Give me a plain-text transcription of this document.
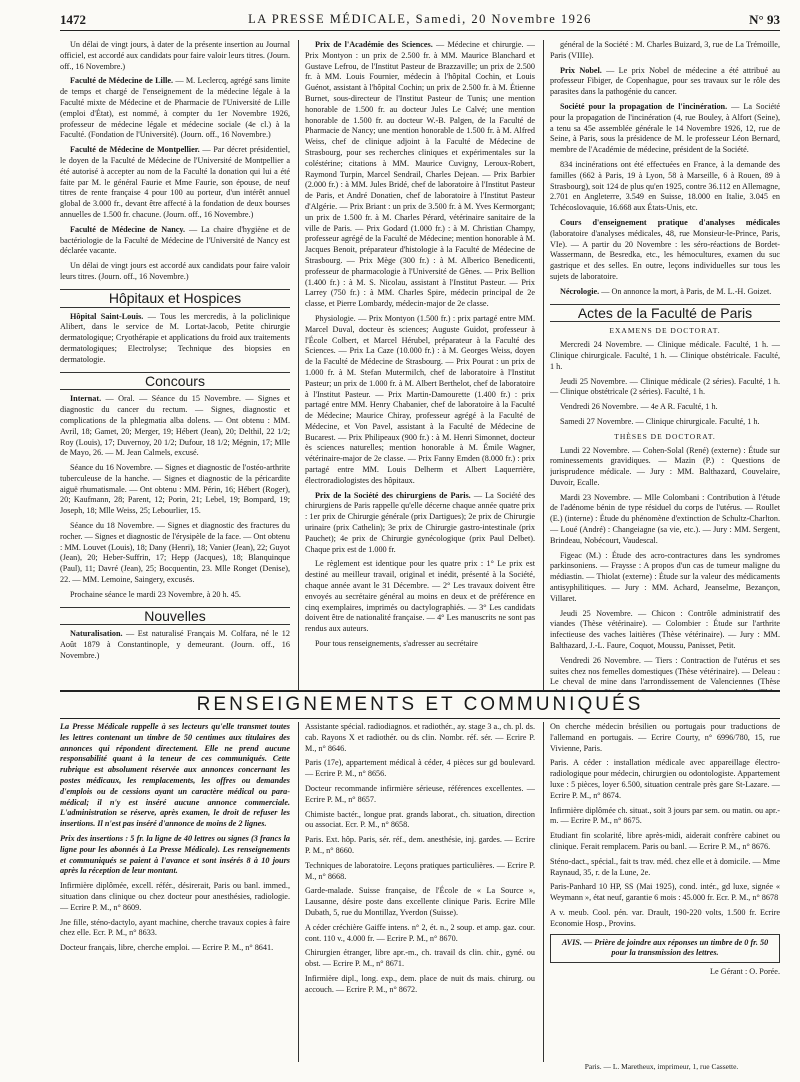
1472	LA PRESSE MÉDICALE, Samedi, 20 Novembre 1926	N° 93

Un délai de vingt jours, à dater de la présente insertion au Journal officiel, est accordé aux candidats pour faire valoir leurs titres. (Journ. off., 16 Novembre.)

Faculté de Médecine de Lille. — M. Leclercq, agrégé sans limite de temps et chargé de l'enseignement de la médecine légale à la Faculté mixte de Médecine et de Pharmacie de l'Université de Lille (emploi d'État), est nommé, à compter du 1er Novembre 1926, professeur de médecine légale et médecine sociale (4e cl.) à la Faculté. (Fondation de l'Université). (Journ. off., 16 Novembre.)

Faculté de Médecine de Montpellier. — Par décret présidentiel, le doyen de la Faculté de Médecine de l'Université de Montpellier a été autorisé à accepter au nom de la Faculté la donation qui lui a été faite par M. le général Faurie et Mme Faurie, son épouse, de neuf titres de rente française 4 pour 100 au porteur, d'un intérêt annuel global de 3.000 fr., devant être affecté à la fondation de deux bourses annuelles de 1.500 fr. chacune. (Journ. off., 16 Novembre.)

Faculté de Médecine de Nancy. — La chaire d'hygiène et de bactériologie de la Faculté de Médecine de l'Université de Nancy est déclarée vacante.

Un délai de vingt jours est accordé aux candidats pour faire valoir leurs titres. (Journ. off., 16 Novembre.)

Hôpitaux et Hospices

Hôpital Saint-Louis. — Tous les mercredis, à la policlinique Alibert, dans le service de M. Lortat-Jacob, Petite chirurgie dermatologique; Cryothérapie et applications du froid aux traitements dermatologiques; Electrolyse; Technique des biopsies en dermatologie.

Concours

Internat. — Oral. — Séance du 15 Novembre. — Signes et diagnostic du cancer du rectum. — Signes, diagnostic et complications de la phlegmatia alba dolens. — Ont obtenu : MM. Avril, 18; Gamet, 20; Merger, 19; Hébert (Jean), 20; Delthil, 22 1/2; Roy (Louis), 17; Duvernoy, 20 1/2; Dufour, 18 1/2; Mégnin, 17; Mlle de Mayo, 26. — M. Jean Calmels, excusé.

Séance du 16 Novembre. — Signes et diagnostic de l'ostéo-arthrite tuberculeuse de la hanche. — Signes et diagnostic de la péricardite aiguë rhumatismale. — Ont obtenu : MM. Périn, 16; Hébert (Roger), 20; Kaufmann, 28; Parent, 12; Porin, 21; Lebel, 19; Bompard, 19; Joseph, 18; Mlle Weiss, 25; Lebourlier, 15.

Séance du 18 Novembre. — Signes et diagnostic des fractures du rocher. — Signes et diagnostic de l'érysipèle de la face. — Ont obtenu : MM. Louvet (Louis), 18; Dany (Henri), 18; Vanier (Jean), 22; Guyot (Jean), 20; Heber-Suffrin, 17; Hepp (Jacques), 18; Blanquinque (Paul), 11; Davré (Jean), 25; Bocquentin, 23. Mlle Ronget (Denise), 22. — MM. Lemoine, Saingery, excusés.

Prochaine séance le mardi 23 Novembre, à 20 h. 45.

Nouvelles

Naturalisation. — Est naturalisé Français M. Colfara, né le 12 Août 1879 à Constantinople, y demeurant. (Journ. off., 16 Novembre.)

Prix de l'Académie des Sciences. — Médecine et chirurgie. — Prix Montyon : un prix de 2.500 fr. à MM. Maurice Blanchard et Gustave Lefrou, de l'Institut Pasteur de Brazzaville; un prix de 2.500 fr. à MM. Louis Fournier, médecin à l'hôpital Cochin, et Louis Guénot, assistant à l'hôpital Cochin; un prix de 2.500 fr. à M. Étienne Burnet, sous-directeur de l'Institut Pasteur de Tunis; une mention honorable de 1.500 fr. au docteur Jules Le Calvé; une mention honorable de 1.500 fr. au docteur W.-B. Palgen, de la Faculté de Pharmacie de Nancy; une mention honorable de 1.500 fr. à M. Alfred Weiss, chef de clinique adjoint à la Faculté de Médecine de Strasbourg, pour ses recherches cliniques et expérimentales sur la coléstérine; citations à MM. Maurice Cuvigny, Leroux-Robert, Raymond Turpin, Marcel Sendrail, Charles Dejean. — Prix Barbier (2.000 fr.) : à MM. Jules Bridé, chef de laboratoire à l'Institut Pasteur de Paris, et André Donatien, chef de laboratoire à l'Institut Pasteur d'Algérie. — Prix Briant : un prix de 3.500 fr. à M. Yves Kermorgant; un prix de 1.500 fr. à M. Charles Pérard, vétérinaire sanitaire de la ville de Paris. — Prix Godard (1.000 fr.) : à M. Christian Champy, professeur agrégé de la Faculté de Médecine; mention honorable à M. Jacques Benoit, préparateur d'histologie à la Faculté de Médecine de Strasbourg. — Prix Mège (300 fr.) : à M. Alberico Benedicenti, professeur de pharmacologie à l'Université de Gênes. — Prix Bellion (1.400 fr.) : à M. S. Nicolau, assistant à l'Institut Pasteur. — Prix Larrey (750 fr.) : à MM. Charles Spire, médecin principal de 2e classe, et Pierre Lombardy, médecin-major de 2e classe.

Physiologie. — Prix Montyon (1.500 fr.) : prix partagé entre MM. Marcel Duval, docteur ès sciences; Auguste Guidot, professeur à l'École Colbert, et Marcel Hérubel, préparateur à la Faculté des Sciences. — Prix La Caze (10.000 fr.) : à M. Georges Weiss, doyen de la Faculté de Médecine de Strasbourg. — Prix Pourat : un prix de 1.000 fr. à M. Stefan Mutermilch, chef de laboratoire à l'Institut Pasteur; un prix de 1.000 fr. à M. Albert Berthelot, chef de laboratoire à l'Institut Pasteur. — Prix Martin-Damourette (1.400 fr.) : prix partagé entre MM. Henry Chabanier, chef de laboratoire à la Faculté de Médecine; Maurice Chiray, professeur agrégé à la Faculté de Médecine, et Von Pavel, assistant à la Faculté de Médecine de Bucarest. — Prix Philipeaux (900 fr.) : à M. Henri Simonnet, docteur ès sciences naturelles; mention honorable à M. Émile Wagner, vétérinaire-major de 2e classe. — Prix Fanny Emden (8.000 fr.) : prix partagé entre MM. Louis Delherm et Albert Laquerrière, électroradiologistes des hôpitaux.

Prix de la Société des chirurgiens de Paris. — La Société des chirurgiens de Paris rappelle qu'elle décerne chaque année quatre prix : 1er prix de Chirurgie générale (prix Dartigues); 2e prix de Chirurgie urinaire (prix Cathelin); 3e prix de Chirurgie gastro-intestinale (prix Pauchet); 4e prix de Chirurgie gynécologique (prix Paul Delbet). Chaque prix est de 1.000 fr.

Le règlement est identique pour les quatre prix : 1° Le prix est destiné au meilleur travail, original et inédit, présenté à la Société, chaque année avant le 31 Décembre. — 2° Les travaux doivent être envoyés au secrétaire général au moins en deux et de préférence en cinq exemplaires, imprimés ou dactylographiés. — 3° Les candidats doivent être de nationalité française. — 4° Les manuscrits ne sont pas rendus aux auteurs.

Pour tous renseignements, s'adresser au secrétaire

général de la Société : M. Charles Buizard, 3, rue de La Trémoille, Paris (VIIIe).

Prix Nobel. — Le prix Nobel de médecine a été attribué au professeur Fibiger, de Copenhague, pour ses travaux sur le rôle des parasites dans la pathogénie du cancer.

Société pour la propagation de l'incinération. — La Société pour la propagation de l'incinération (4, rue Bouley, à Alfort (Seine), a tenu sa 45e assemblée générale le 14 Novembre 1926, 12, rue de Seine, à Paris, sous la présidence de M. le professeur Léon Bernard, membre de l'Académie de médecine, président de la Société.

834 incinérations ont été effectuées en France, à la demande des familles (662 à Paris, 19 à Lyon, 58 à Marseille, 6 à Rouen, 89 à Strasbourg), soit 124 de plus qu'en 1925, contre 36.112 en Allemagne, 2.701 en Angleterre, 3.549 en Suisse, 18.000 en Italie, 3.045 en Tchécoslovaquie, 16.668 aux États-Unis, etc.

Cours d'enseignement pratique d'analyses médicales (laboratoire d'analyses médicales, 48, rue Monsieur-le-Prince, Paris, VIe). — A partir du 20 Novembre : les séro-réactions de Bordet-Wassermann, de Besredka, etc., les hémocultures, examen du suc gastrique et des selles. En outre, leçons individuelles sur tous les sujets de laboratoire.

Nécrologie. — On annonce la mort, à Paris, de M. L.-H. Goizet.

Actes de la Faculté de Paris
EXAMENS DE DOCTORAT.

Mercredi 24 Novembre. — Clinique médicale. Faculté, 1 h. — Clinique chirurgicale. Faculté, 1 h. — Clinique obstétricale. Faculté, 1 h.

Jeudi 25 Novembre. — Clinique médicale (2 séries). Faculté, 1 h. — Clinique obstétricale (2 séries). Faculté, 1 h.

Vendredi 26 Novembre. — 4e A R. Faculté, 1 h.

Samedi 27 Novembre. — Clinique chirurgicale. Faculté, 1 h.

THÈSES DE DOCTORAT.

Lundi 22 Novembre. — Cohen-Solal (René) (externe) : Étude sur rominessements gravidiques. — Mazin (P.) : Questions de jurisprudence médicale. — Jury : MM. Balthazard, Couvelaire, Duvoir, Ecalle.

Mardi 23 Novembre. — Mlle Colombani : Contribution à l'étude de l'adénome bénin de type résiduel du corps de l'utérus. — Roullet (E.) (interne) : Étude du phénomène d'extinction de Schultz-Charlton. — Loué (André) : Changeiagne (sa vie, etc.). — Jury : MM. Sergent, Brindeau, Nobécourt, Vaudescal.

Figeac (M.) : Étude des acro-contractures dans les syndromes parkinsoniens. — Fraysse : A propos d'un cas de tumeur maligne du médiastin. — Thiolat (externe) : Étude sur la valeur des médicaments antisyphilitiques. — Jury : MM. Achard, Jeanselme, Bezançon, Villaret.

Jeudi 25 Novembre. — Chicon : Contrôle administratif des viandes (Thèse vétérinaire). — Colombier : Étude sur l'arthrite infectieuse des vaches laitières (Thèse vétérinaire). — Jury : MM. Balthazard, J.-L. Faure, Coquot, Moussu, Panisset, Petit.

Vendredi 26 Novembre. — Tiers : Contraction de l'utérus et ses suites chez nos femelles domestiques (Thèse vétérinaire). — Deleau : Le cheval de mine dans l'arrondissement de Valenciennes (Thèse

RENSEIGNEMENTS ET COMMUNIQUÉS

La Presse Médicale rappelle à ses lecteurs qu'elle transmet toutes les lettres contenant un timbre de 50 centimes aux titulaires des annonces qui répondent directement. Elle ne prend aucune responsabilité quant à la teneur de ces communiqués. Cette rubrique est absolument réservée aux annonces concernant les postes médicaux, les remplacements, les offres ou demandes d'emplois ou de cessions ayant un caractère médical ou para-médical; il n'y est inséré aucune annonce commerciale. L'administration se réserve, après examen, le droit de refuser les insertions. Il n'est pas inséré d'annonce de moins de 2 lignes.

Prix des insertions : 5 fr. la ligne de 40 lettres ou signes (3 francs la ligne pour les abonnés à La Presse Médicale). Les renseignements et communiqués se paient à l'avance et sont insérés 8 à 10 jours après la réception de leur montant.

Infirmière diplômée, excell. référ., désirerait, Paris ou banl. immed., situation dans clinique ou chez docteur pour anesthésies, radiologie. — Ecrire P. M., n° 8609.

Jne fille, sténo-dactylo, ayant machine, cherche travaux copies à faire chez elle. Ecr. P. M., n° 8633.

Docteur français, libre, cherche emploi. — Ecrire P. M., n° 8641.

Assistante spécial. radiodiagnos. et radiothér., ay. stage 3 a., ch. pl. ds. cab. Rayons X et radiothér. ou ds clin. Nombr. réf. sér. — Ecrire P. M., n° 8646.

Paris (17e), appartement médical à céder, 4 pièces sur gd boulevard. — Ecrire P. M., n° 8656.

Docteur recommande infirmière sérieuse, références excellentes. — Ecrire P. M., n° 8657.

Chimiste bactér., longue prat. grands laborat., ch. situation, direction ou associat. Ecr. P. M., n° 8658.

Paris. Ext. hôp. Paris, sér. réf., dem. anesthésie, inj. gardes. — Ecrire P. M., n° 8660.

Techniques de laboratoire. Leçons pratiques particulières. — Ecrire P. M., n° 8668.

Garde-malade. Suisse française, de l'École de « La Source », Lausanne, désire poste dans excellente clinique Paris. Ecrire Mlle Dubath, 5, rue du Montillaz, Yverdon (Suisse).

A céder créchière Gaiffe intens. n° 2, ét. n., 2 soup. et amp. gaz. cour. cont. 110 v., 4.000 fr. — Ecrire P. M., n° 8670.

Chirurgien étranger, libre apr.-m., ch. travail ds clin. chir., gyné. ou obst. — Ecrire P. M., n° 8671.

Infirmière dipl., long. exp., dem. place de nuit ds mais. chirurg. ou accouch. — Ecrire P. M., n° 8672.

On cherche médecin brésilien ou portugais pour traductions de l'allemand en portugais. — Ecrire Courty, n° 6996/780, 15, rue Vivienne, Paris.

Paris. A céder : installation médicale avec appareillage électro-radiologique pour médecin, chirurgien ou odontologiste. Appartement luxe : 5 pièces, loyer 6.500, situation centrale près gare St-Lazare. — Ecrire P. M., n° 8674.

Infirmière diplômée ch. situat., soit 3 jours par sem. ou matin. ou apr.-m. — Ecrire P. M., n° 8675.

Etudiant fin scolarité, libre après-midi, aiderait confrère cabinet ou clinique. Ferait remplacem. Paris ou banl. — Ecrire P. M., n° 8676.

Sténo-dact., spécial., fait ts trav. méd. chez elle et à domicile. — Mme Raynaud, 35, r. de la Lune, 2e.

Paris-Panhard 10 HP, SS (Mai 1925), cond. intér., gd luxe, signée « Weymann », état neuf, garantie 6 mois : 45.000 fr. Ecr. P. M., n° 8678

A v. meub. Cool. pén. var. Drault, 190-220 volts, 1.500 fr. Ecrire Economie Hosp., Provins.

AVIS. — Prière de joindre aux réponses un timbre de 0 fr. 50 pour la transmission des lettres.
Le Gérant : O. Porée.
Paris. — L. Maretheux, imprimeur, 1, rue Cassette.
